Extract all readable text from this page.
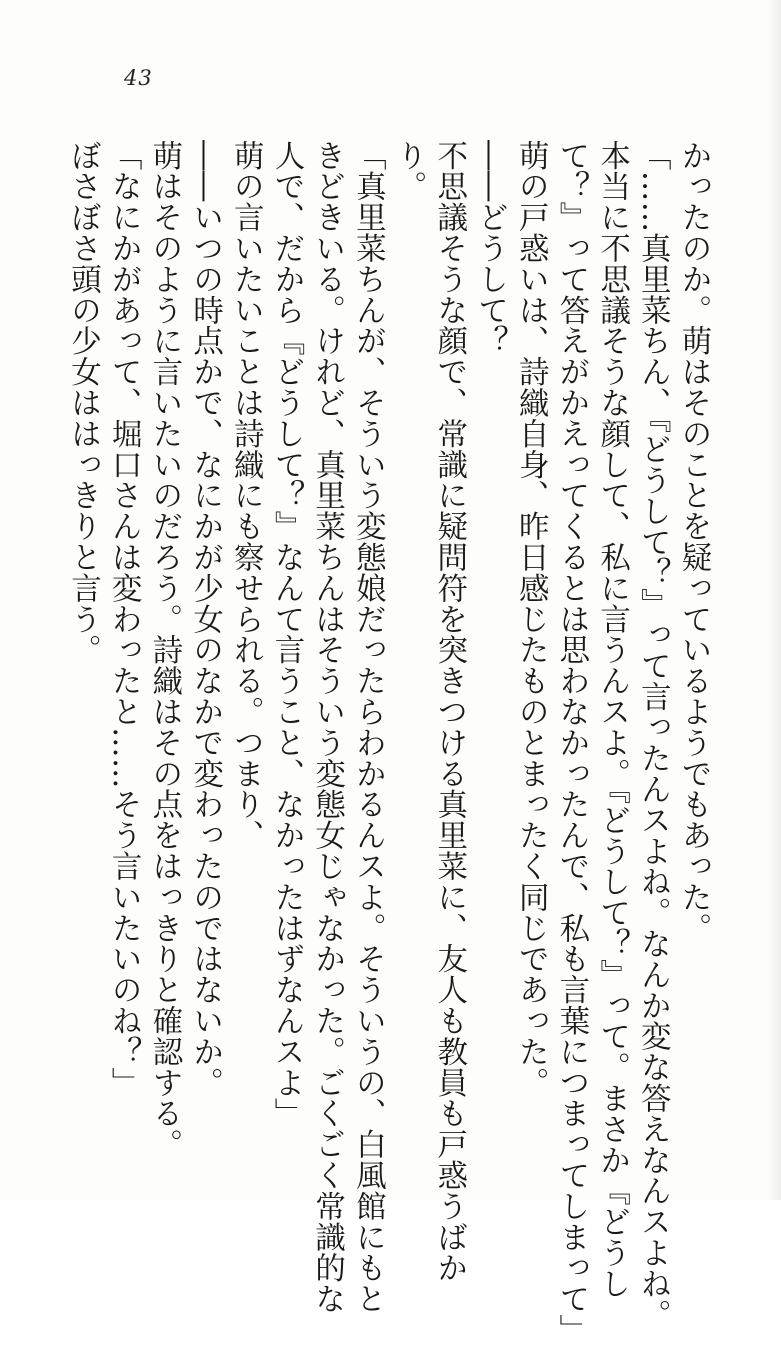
43
かったのか。萌はそのことを疑っているようでもあった。
「……真里菜ちん、『どうして？』って言ったんスよね。なんか変な答えなんスよね。
本当に不思議そうな顔して、私に言うんスよ。『どうして？』って。まさか『どうし
て？』って答えがかえってくるとは思わなかったんで、私も言葉につまってしまって」
萌の戸惑いは、詩織自身、昨日感じたものとまったく同じであった。
――どうして？
不思議そうな顔で、常識に疑問符を突きつける真里菜に、友人も教員も戸惑うばか
り。
「真里菜ちんが、そういう変態娘だったらわかるんスよ。そういうの、白風館にもと
きどきいる。けれど、真里菜ちんはそういう変態女じゃなかった。ごくごく常識的な
人で、だから『どうして？』なんて言うこと、なかったはずなんスよ」
萌の言いたいことは詩織にも察せられる。つまり、
――いつの時点かで、なにかが少女のなかで変わったのではないか。
萌はそのように言いたいのだろう。詩織はその点をはっきりと確認する。
「なにかがあって、堀口さんは変わったと……そう言いたいのね？」
ぼさぼさ頭の少女ははっきりと言う。
